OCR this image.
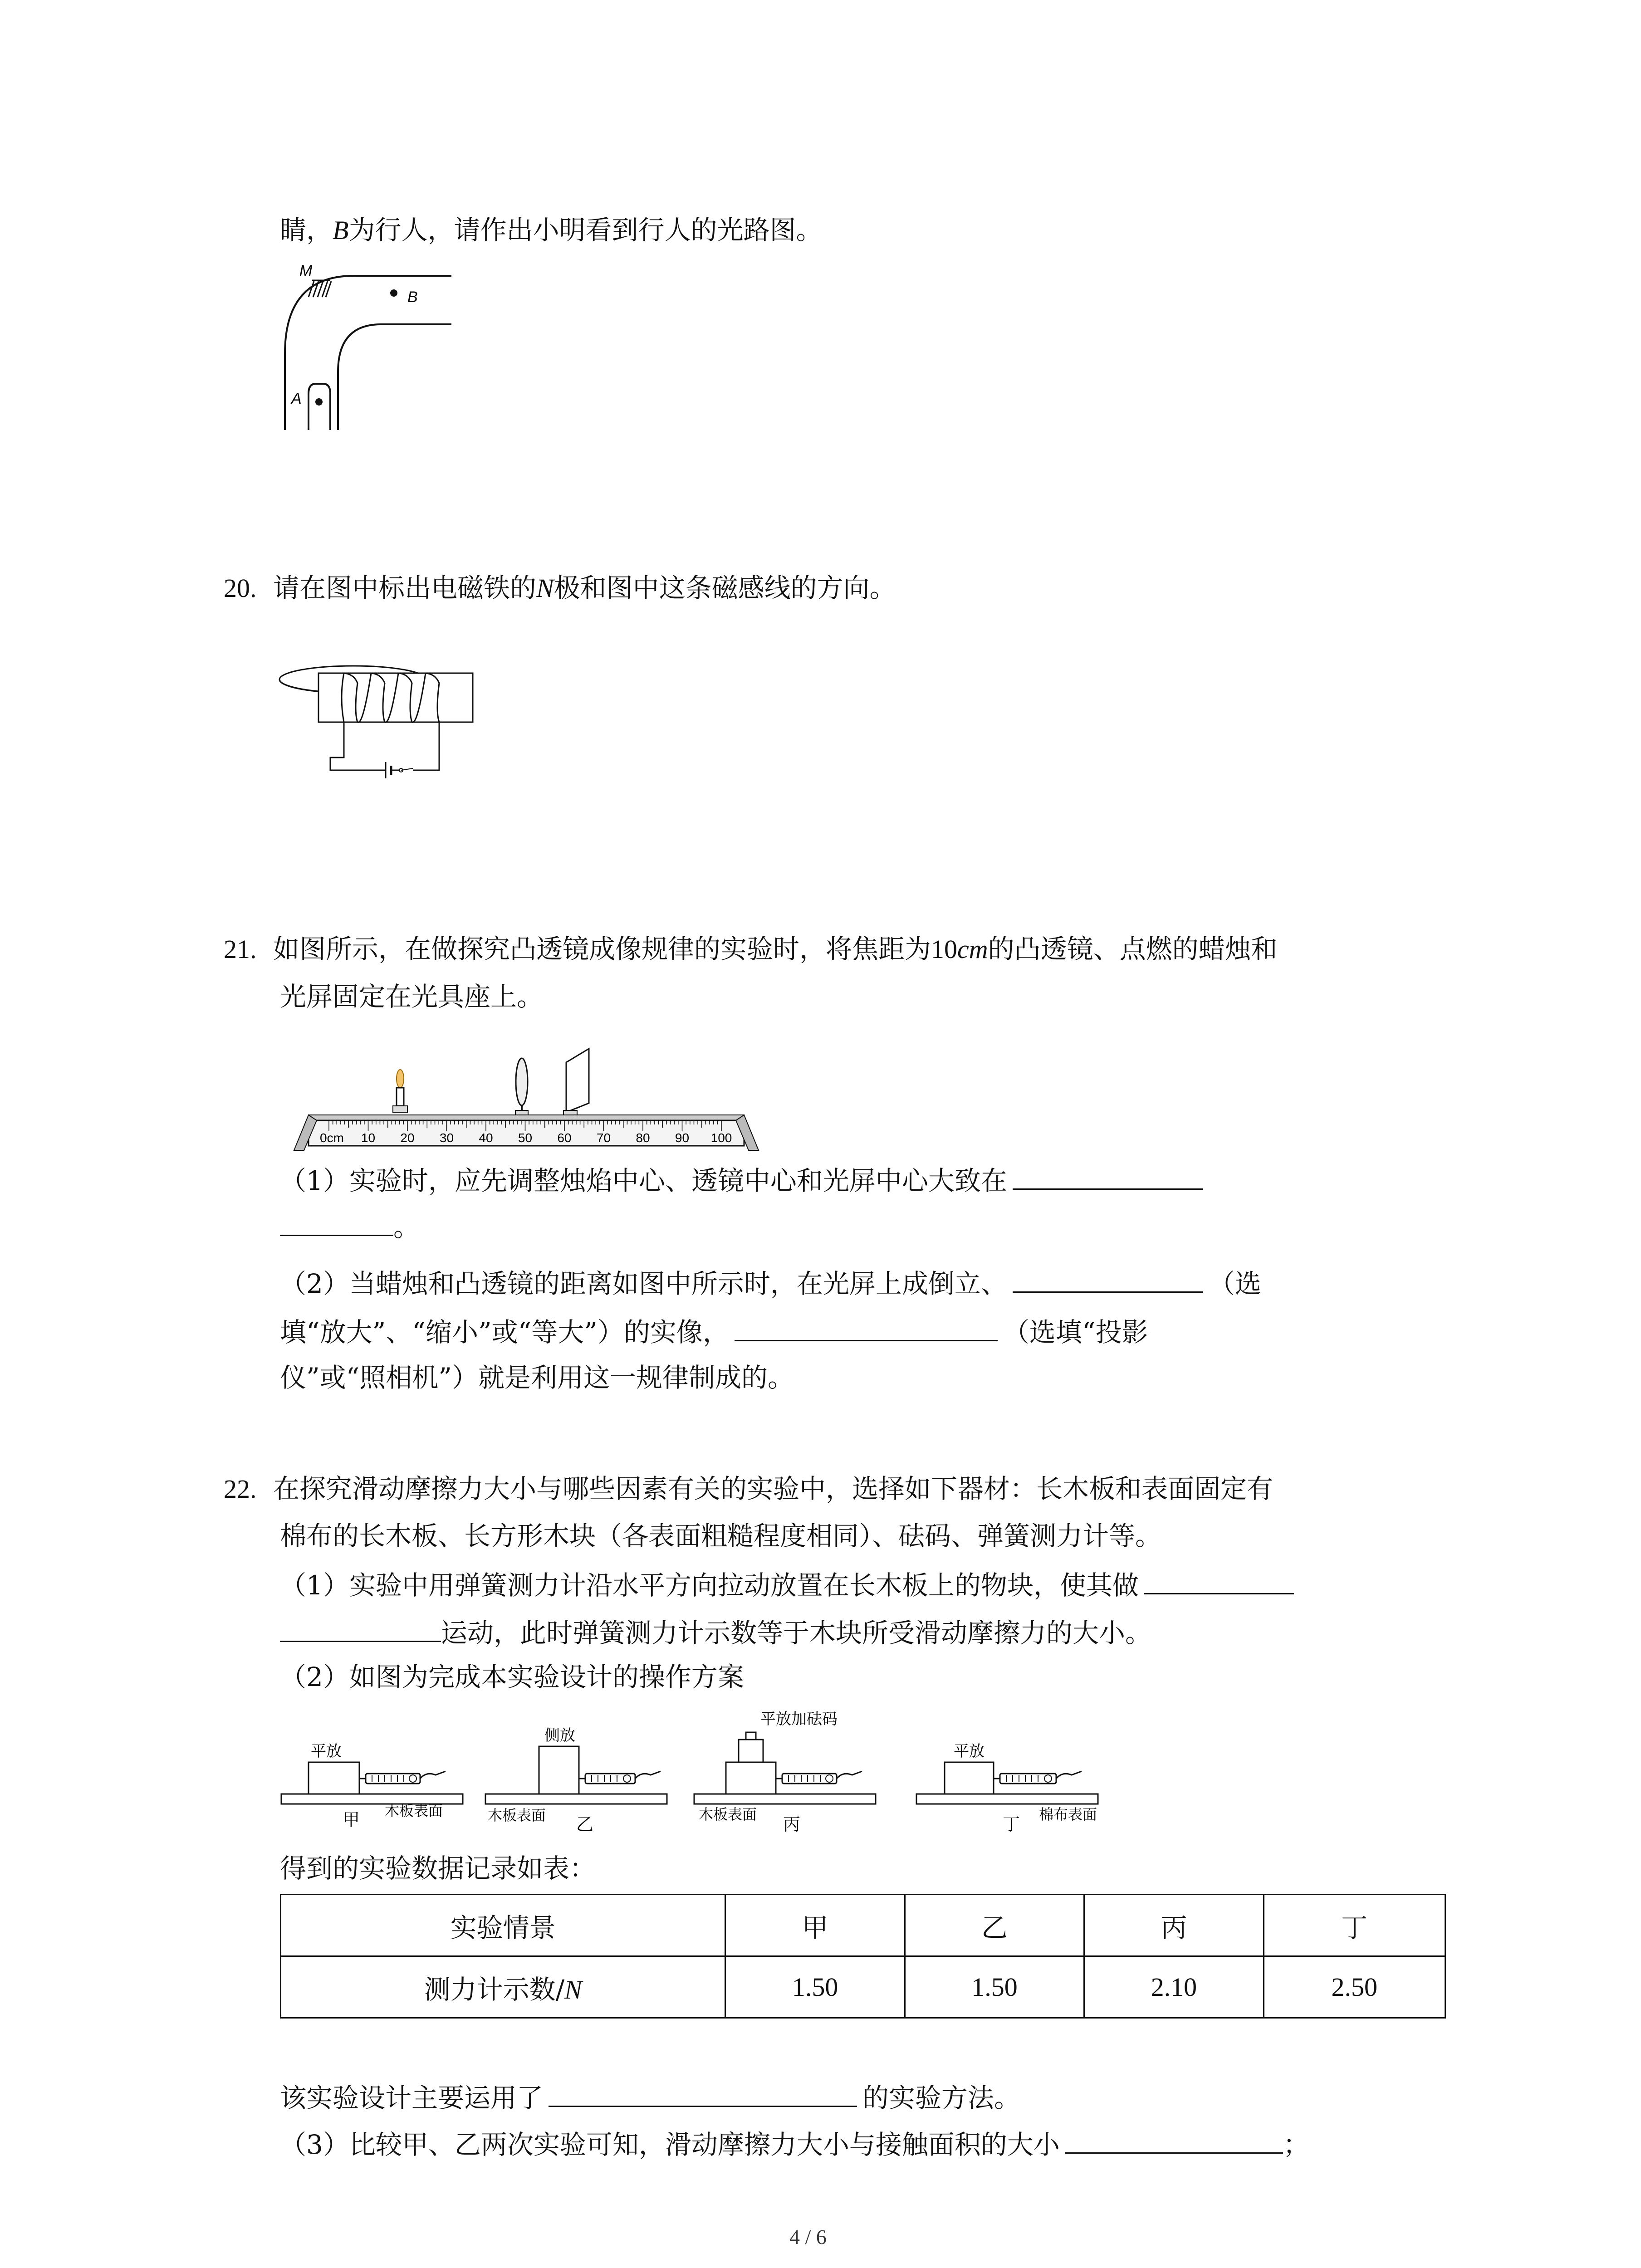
睛，B为行人，请作出小明看到行人的光路图。
M
B
A
20. 请在图中标出电磁铁的N极和图中这条磁感线的方向。
21. 如图所示，在做探究凸透镜成像规律的实验时，将焦距为10cm的凸透镜、点燃的蜡烛和
光屏固定在光具座上。
0cm 10 20 30 40 50 60 70 80 90 100
（1）实验时，应先调整烛焰中心、透镜中心和光屏中心大致在
。
（2）当蜡烛和凸透镜的距离如图中所示时，在光屏上成倒立、	（选
填“放大”、“缩小”或“等大”）的实像，	（选填“投影
仪”或“照相机”）就是利用这一规律制成的。
22. 在探究滑动摩擦力大小与哪些因素有关的实验中，选择如下器材：长木板和表面固定有
棉布的长木板、长方形木块（各表面粗糙程度相同）、砝码、弹簧测力计等。
（1）实验中用弹簧测力计沿水平方向拉动放置在长木板上的物块，使其做
运动，此时弹簧测力计示数等于木块所受滑动摩擦力的大小。
（2）如图为完成本实验设计的操作方案
平放
甲 木板表面
侧放
乙
木板表面
平放加砝码
丙
木板表面
平放
丁
棉布表面
得到的实验数据记录如表：
实验情景	甲	乙	丙	丁
测力计示数/N	1.50	1.50	2.10	2.50
该实验设计主要运用了	的实验方法。
（3）比较甲、乙两次实验可知，滑动摩擦力大小与接触面积的大小	；
4 / 6
